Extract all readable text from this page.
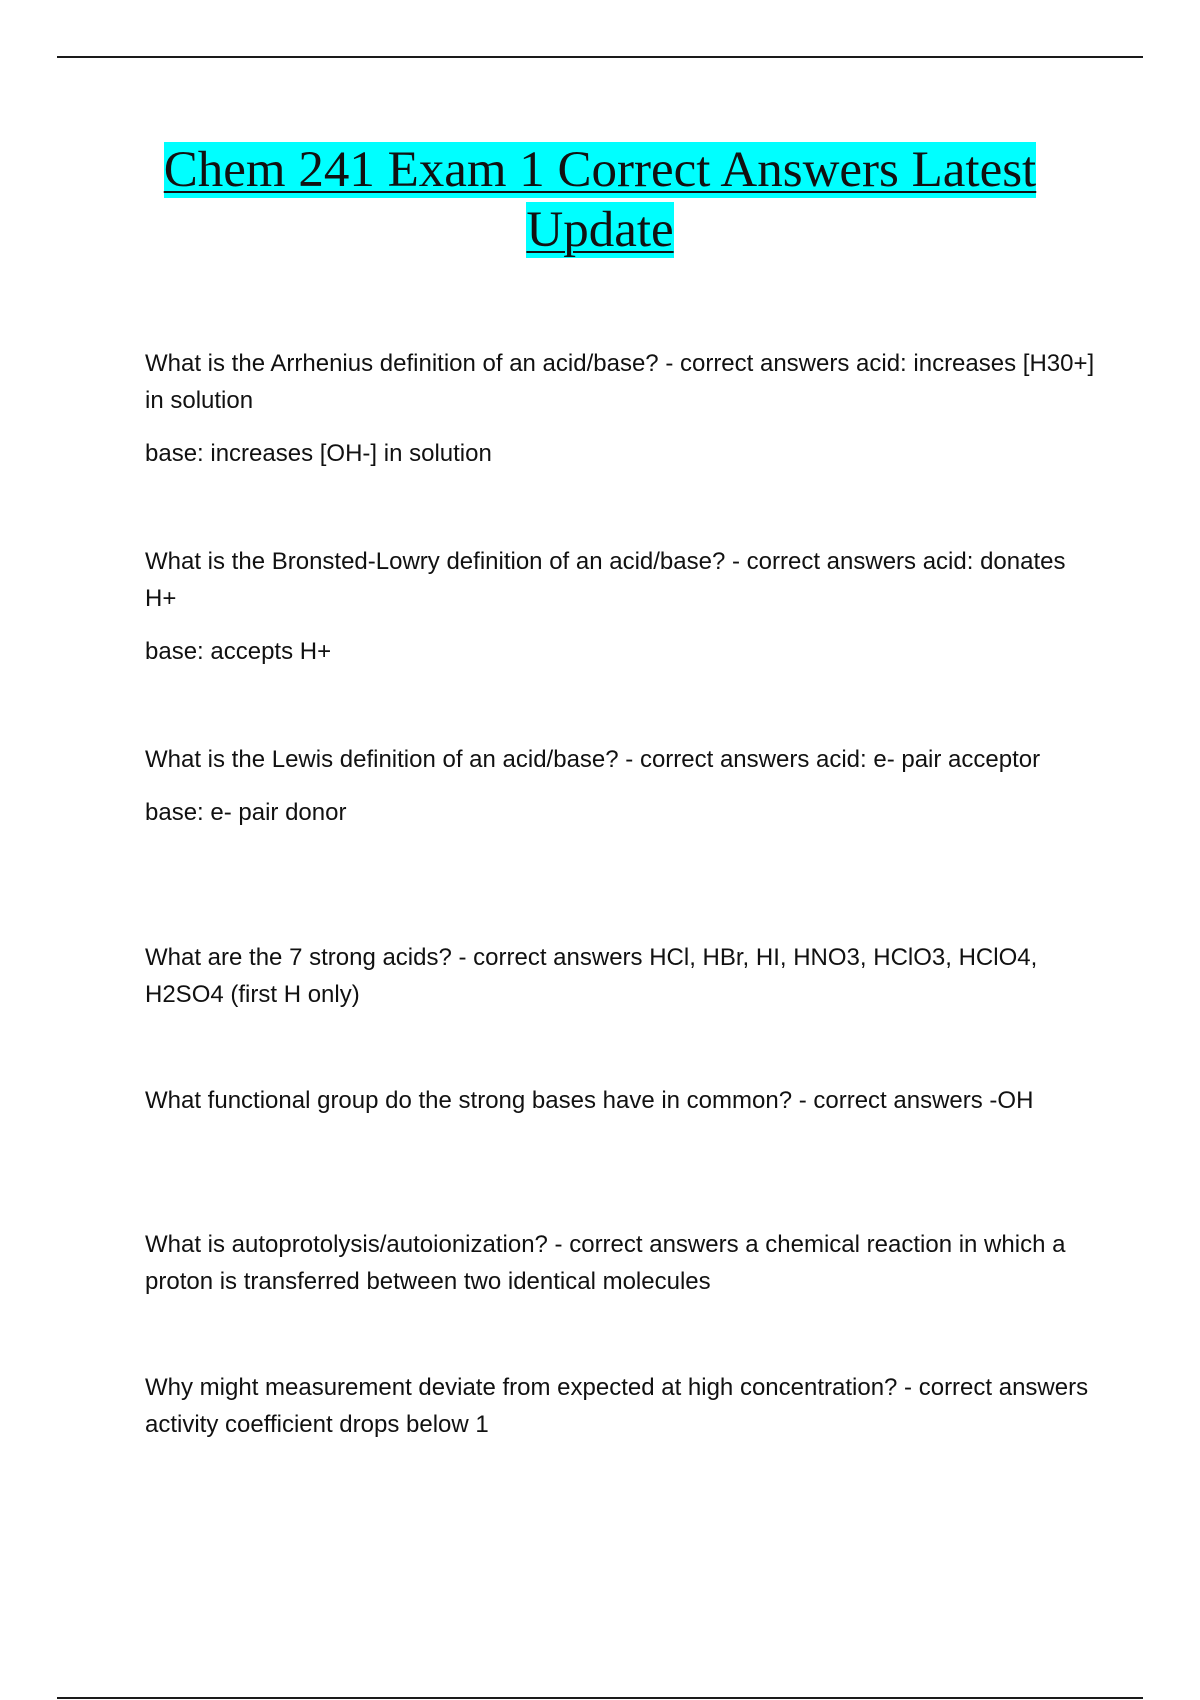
Chem 241 Exam 1 Correct Answers Latest Update

What is the Arrhenius definition of an acid/base? - correct answers acid: increases [H30+] in solution

base: increases [OH-] in solution

What is the Bronsted-Lowry definition of an acid/base? - correct answers acid: donates H+

base: accepts H+

What is the Lewis definition of an acid/base? - correct answers acid: e- pair acceptor

base: e- pair donor

What are the 7 strong acids? - correct answers HCl, HBr, HI, HNO3, HClO3, HClO4, H2SO4 (first H only)

What functional group do the strong bases have in common? - correct answers -OH

What is autoprotolysis/autoionization? - correct answers a chemical reaction in which a proton is transferred between two identical molecules

Why might measurement deviate from expected at high concentration? - correct answers activity coefficient drops below 1
